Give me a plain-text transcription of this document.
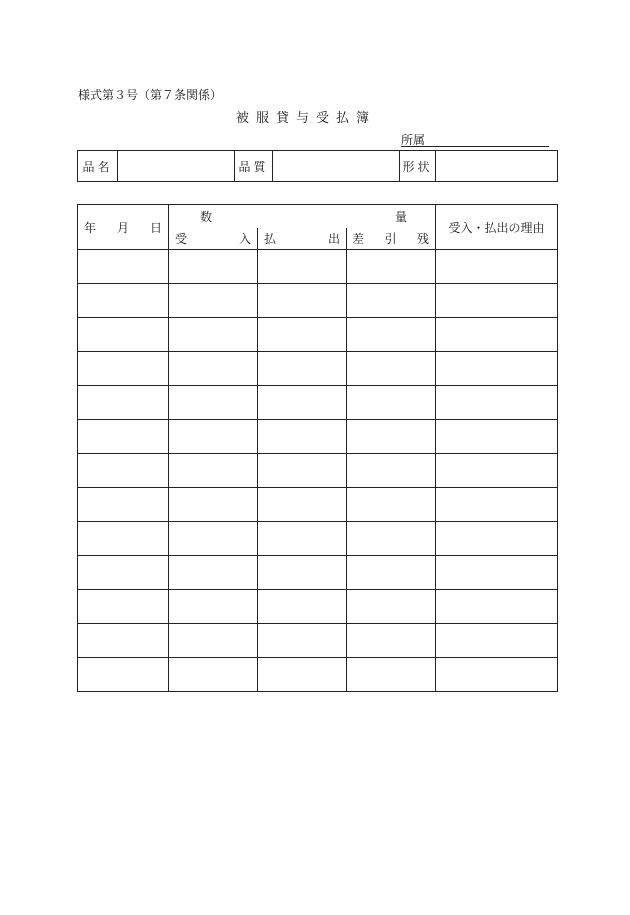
様式第３号（第７条関係）
被服貸与受払簿
所属
品名		品質		形状	
年 月 日	数 量			受入・払出の理由

	受 入	払 出	差 引 残	
